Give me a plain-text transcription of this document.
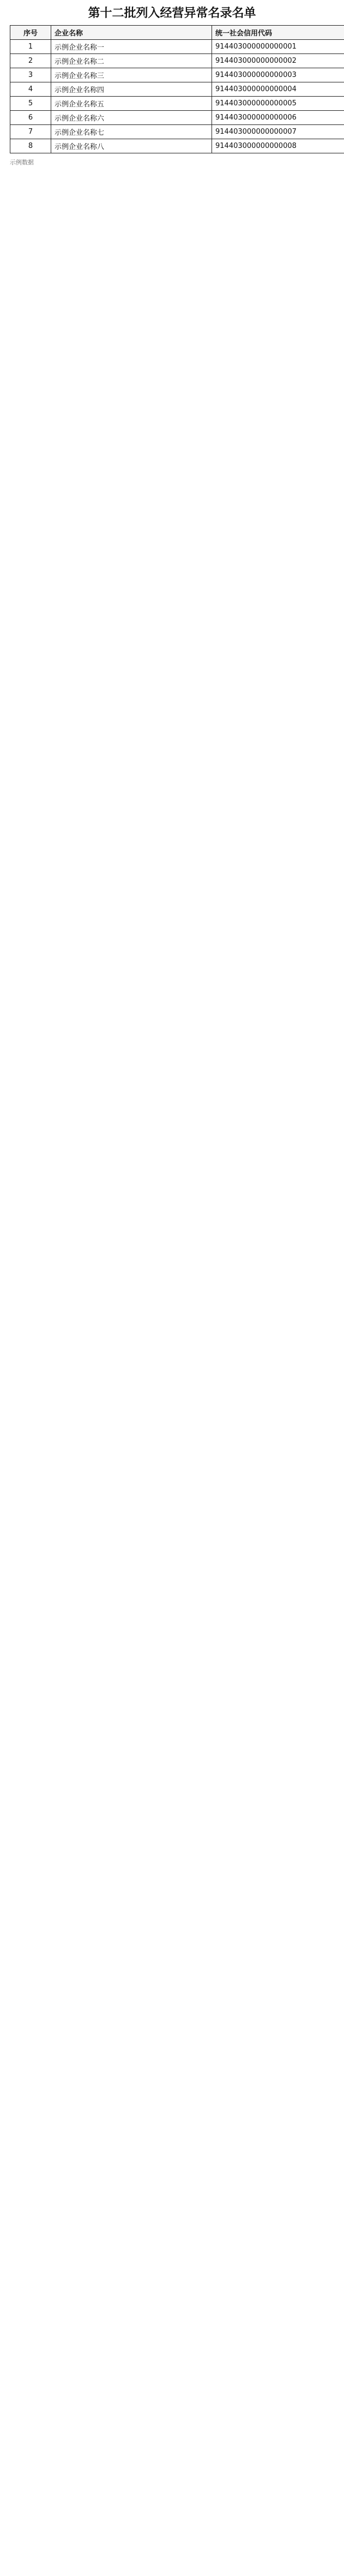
第十二批列入经营异常名录名单
序号	企业名称	统一社会信用代码
1	示例企业名称一	914403000000000001
2	示例企业名称二	914403000000000002
3	示例企业名称三	914403000000000003
4	示例企业名称四	914403000000000004
5	示例企业名称五	914403000000000005
6	示例企业名称六	914403000000000006
7	示例企业名称七	914403000000000007
8	示例企业名称八	914403000000000008
示例数据
